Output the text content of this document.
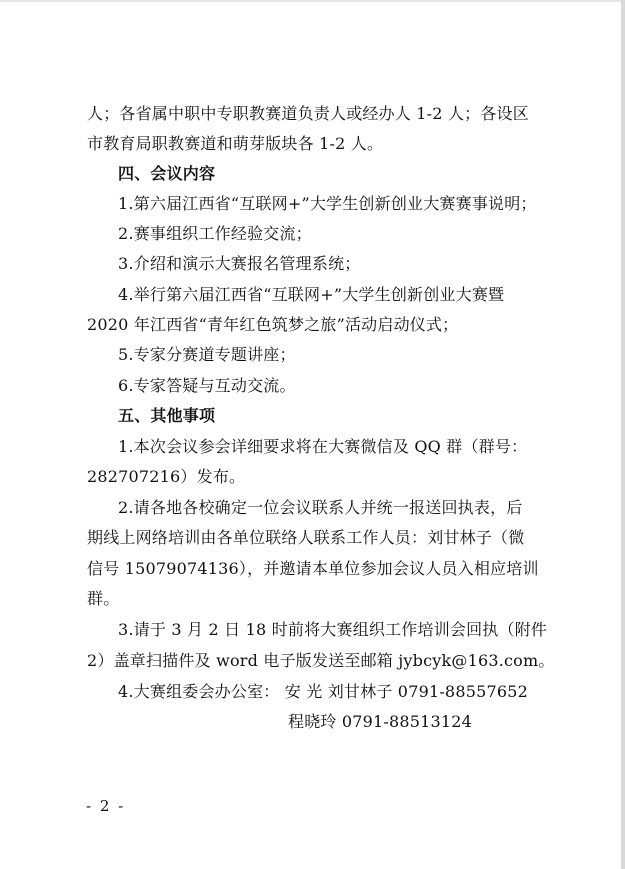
人；各省属中职中专职教赛道负责人或经办人 1-2 人；各设区
市教育局职教赛道和萌芽版块各 1-2 人。
四、会议内容
1.第六届江西省“互联网+”大学生创新创业大赛赛事说明；
2.赛事组织工作经验交流；
3.介绍和演示大赛报名管理系统；
4.举行第六届江西省“互联网+”大学生创新创业大赛暨
2020 年江西省“青年红色筑梦之旅”活动启动仪式；
5.专家分赛道专题讲座；
6.专家答疑与互动交流。
五、其他事项
1.本次会议参会详细要求将在大赛微信及 QQ 群（群号：
282707216）发布。
2.请各地各校确定一位会议联系人并统一报送回执表，后
期线上网络培训由各单位联络人联系工作人员：刘甘林子（微
信号 15079074136），并邀请本单位参加会议人员入相应培训
群。
3.请于 3 月 2 日 18 时前将大赛组织工作培训会回执（附件
2）盖章扫描件及 word 电子版发送至邮箱 jybcyk@163.com。
4.大赛组委会办公室： 安 光 刘甘林子 0791-88557652
程晓玲 0791-88513124
- 2 -
